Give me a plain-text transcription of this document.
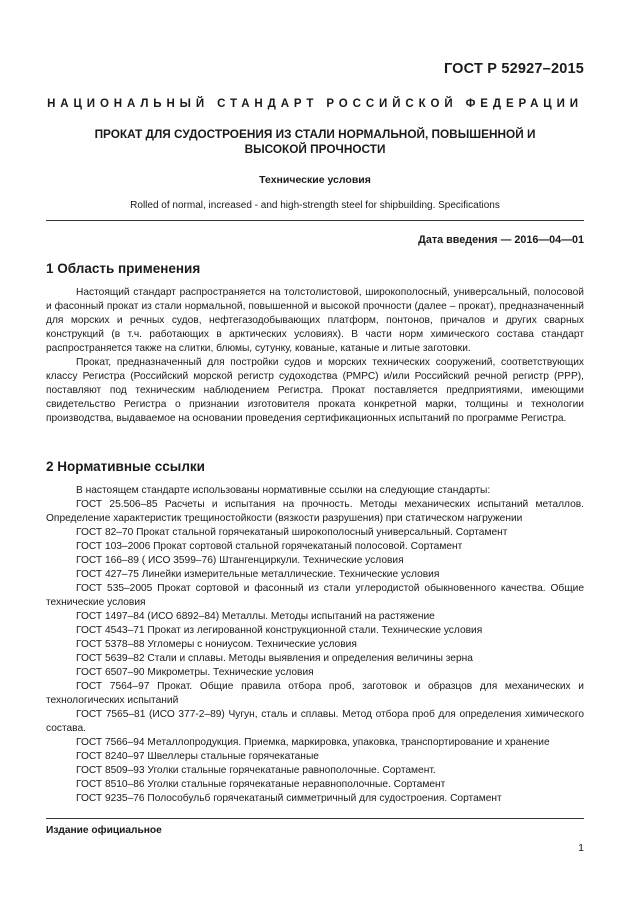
ГОСТ Р 52927–2015
НАЦИОНАЛЬНЫЙ СТАНДАРТ РОССИЙСКОЙ ФЕДЕРАЦИИ
ПРОКАТ ДЛЯ СУДОСТРОЕНИЯ ИЗ СТАЛИ НОРМАЛЬНОЙ, ПОВЫШЕННОЙ И ВЫСОКОЙ ПРОЧНОСТИ
Технические условия
Rolled of normal, increased - and high-strength steel for shipbuilding. Specifications
Дата введения — 2016—04—01
1 Область применения

Настоящий стандарт распространяется на толстолистовой, широкополосный, универсальный, полосовой и фасонный прокат из стали нормальной, повышенной и высокой прочности (далее – прокат), предназначенный для морских и речных судов, нефтегазодобывающих платформ, понтонов, причалов и других сварных конструкций (в т.ч. работающих в арктических условиях). В части норм химического состава стандарт распространяется также на слитки, блюмы, сутунку, кованые, катаные и литые заготовки.

Прокат, предназначенный для постройки судов и морских технических сооружений, соответствующих классу Регистра (Российский морской регистр судоходства (РМРС) и/или Российский речной регистр (РРР), поставляют под техническим наблюдением Регистра. Прокат поставляется предприятиями, имеющими свидетельство Регистра о признании изготовителя проката конкретной марки, толщины и технологии производства, выдаваемое на основании проведения сертификационных испытаний по программе Регистра.

2 Нормативные ссылки

В настоящем стандарте использованы нормативные ссылки на следующие стандарты:

ГОСТ 25.506–85 Расчеты и испытания на прочность. Методы механических испытаний металлов. Определение характеристик трещиностойкости (вязкости разрушения) при статическом нагружении

ГОСТ 82–70 Прокат стальной горячекатаный широкополосный универсальный. Сортамент

ГОСТ 103–2006 Прокат сортовой стальной горячекатаный полосовой. Сортамент

ГОСТ 166–89 ( ИСО 3599–76) Штангенциркули. Технические условия

ГОСТ 427–75 Линейки измерительные металлические. Технические условия

ГОСТ 535–2005 Прокат сортовой и фасонный из стали углеродистой обыкновенного качества. Общие технические условия

ГОСТ 1497–84 (ИСО 6892–84) Металлы. Методы испытаний на растяжение

ГОСТ 4543–71 Прокат из легированной конструкционной стали. Технические условия

ГОСТ 5378–88 Угломеры с нониусом. Технические условия

ГОСТ 5639–82 Стали и сплавы. Методы выявления и определения величины зерна

ГОСТ 6507–90 Микрометры. Технические условия

ГОСТ 7564–97 Прокат. Общие правила отбора проб, заготовок и образцов для механических и технологических испытаний

ГОСТ 7565–81 (ИСО 377-2–89) Чугун, сталь и сплавы. Метод отбора проб для определения химического состава.

ГОСТ 7566–94 Металлопродукция. Приемка, маркировка, упаковка, транспортирование и хранение

ГОСТ 8240–97 Швеллеры стальные горячекатаные

ГОСТ 8509–93 Уголки стальные горячекатаные равнополочные. Сортамент.

ГОСТ 8510–86 Уголки стальные горячекатаные неравнополочные. Сортамент

ГОСТ 9235–76 Полособульб горячекатаный симметричный для судостроения. Сортамент

Издание официальное
1
